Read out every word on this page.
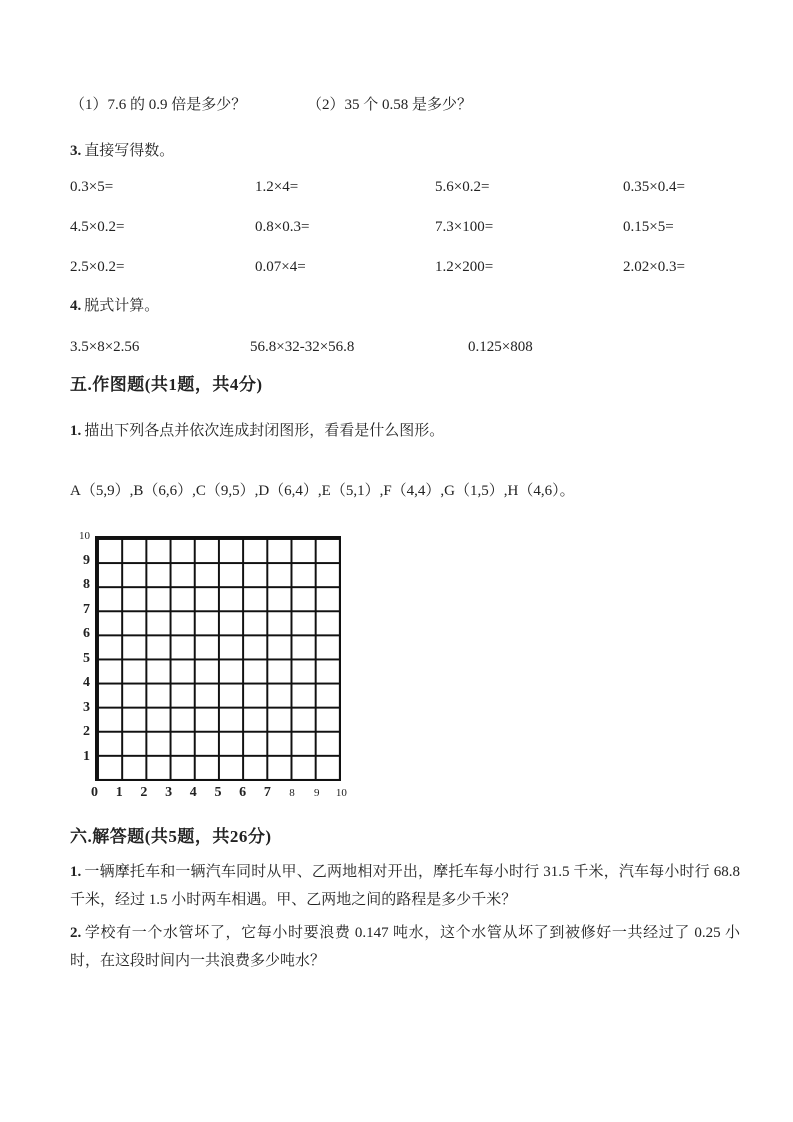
（1）7.6 的 0.9 倍是多少？	（2）35 个 0.58 是多少？
3. 直接写得数。
0.3×5=	1.2×4=	5.6×0.2=	0.35×0.4=
4.5×0.2=	0.8×0.3=	7.3×100=	0.15×5=
2.5×0.2=	0.07×4=	1.2×200=	2.02×0.3=
4. 脱式计算。
3.5×8×2.56	56.8×32-32×56.8	0.125×808
五.作图题(共1题，共4分)
1. 描出下列各点并依次连成封闭图形，看看是什么图形。
A（5,9）,B（6,6）,C（9,5）,D（6,4）,E（5,1）,F（4,4）,G（1,5）,H（4,6）。
10
9
8
7
6
5
4
3
2
1
0	1	2	3	4	5	6	7	8	9	10
六.解答题(共5题，共26分)
1. 一辆摩托车和一辆汽车同时从甲、乙两地相对开出，摩托车每小时行 31.5 千米，汽车每小时行 68.8 千米，经过 1.5 小时两车相遇。甲、乙两地之间的路程是多少千米？
2. 学校有一个水管坏了，它每小时要浪费 0.147 吨水，这个水管从坏了到被修好一共经过了 0.25 小时，在这段时间内一共浪费多少吨水？
